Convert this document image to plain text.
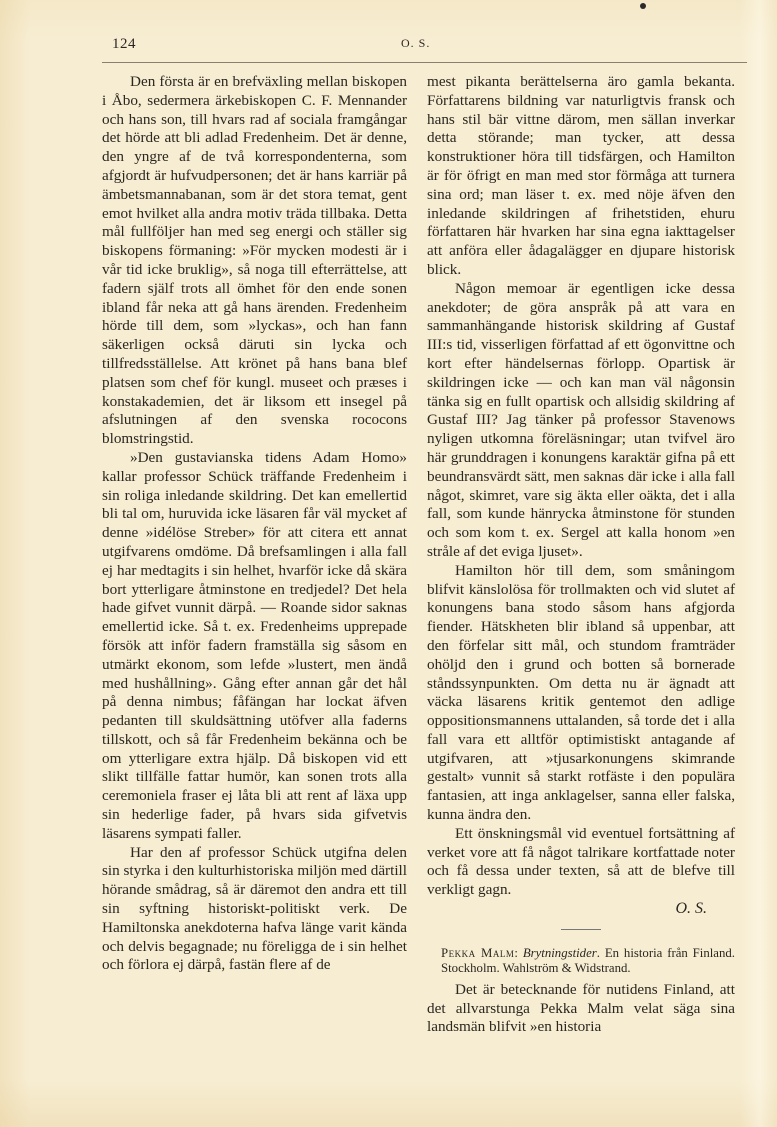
124	O. S.

Den första är en brefväxling mellan biskopen i Åbo, sedermera ärkebiskopen C. F. Mennander och hans son, till hvars rad af sociala framgångar det hörde att bli adlad Fredenheim. Det är denne, den yngre af de två korrespondenterna, som afgjordt är hufvudpersonen; det är hans karriär på ämbetsmannabanan, som är det stora temat, gent emot hvilket alla andra motiv träda tillbaka. Detta mål fullföljer han med seg energi och ställer sig biskopens förmaning: »För mycken modesti är i vår tid icke bruklig», så noga till efterrättelse, att fadern själf trots all ömhet för den ende sonen ibland får neka att gå hans ärenden. Fredenheim hörde till dem, som »lyckas», och han fann säkerligen också däruti sin lycka och tillfredsställelse. Att krönet på hans bana blef platsen som chef för kungl. museet och præses i konstakademien, det är liksom ett insegel på afslutningen af den svenska rococons blomstringstid.

»Den gustavianska tidens Adam Homo» kallar professor Schück träffande Fredenheim i sin roliga inledande skildring. Det kan emellertid bli tal om, huruvida icke läsaren får väl mycket af denne »idélöse Streber» för att citera ett annat utgifvarens omdöme. Då brefsamlingen i alla fall ej har medtagits i sin helhet, hvarför icke då skära bort ytterligare åtminstone en tredjedel? Det hela hade gifvet vunnit därpå. — Roande sidor saknas emellertid icke. Så t. ex. Fredenheims upprepade försök att inför fadern framställa sig såsom en utmärkt ekonom, som lefde »lustert, men ändå med hushållning». Gång efter annan går det hål på denna nimbus; fåfängan har lockat äfven pedanten till skuldsättning utöfver alla faderns tillskott, och så får Fredenheim bekänna och be om ytterligare extra hjälp. Då biskopen vid ett slikt tillfälle fattar humör, kan sonen trots alla ceremoniela fraser ej låta bli att rent af läxa upp sin hederlige fader, på hvars sida gifvetvis läsarens sympati faller.

Har den af professor Schück utgifna delen sin styrka i den kulturhistoriska miljön med därtill hörande smådrag, så är däremot den andra ett till sin syftning historiskt-politiskt verk. De Hamiltonska anekdoterna hafva länge varit kända och delvis begagnade; nu föreligga de i sin helhet och förlora ej därpå, fastän flere af de

mest pikanta berättelserna äro gamla bekanta. Författarens bildning var naturligtvis fransk och hans stil bär vittne därom, men sällan inverkar detta störande; man tycker, att dessa konstruktioner höra till tidsfärgen, och Hamilton är för öfrigt en man med stor förmåga att turnera sina ord; man läser t. ex. med nöje äfven den inledande skildringen af frihetstiden, ehuru författaren här hvarken har sina egna iakttagelser att anföra eller ådagalägger en djupare historisk blick.

Någon memoar är egentligen icke dessa anekdoter; de göra anspråk på att vara en sammanhängande historisk skildring af Gustaf III:s tid, visserligen författad af ett ögonvittne och kort efter händelsernas förlopp. Opartisk är skildringen icke — och kan man väl någonsin tänka sig en fullt opartisk och allsidig skildring af Gustaf III? Jag tänker på professor Stavenows nyligen utkomna föreläsningar; utan tvifvel äro här grunddragen i konungens karaktär gifna på ett beundransvärdt sätt, men saknas där icke i alla fall något, skimret, vare sig äkta eller oäkta, det i alla fall, som kunde hänrycka åtminstone för stunden och som kom t. ex. Sergel att kalla honom »en stråle af det eviga ljuset».

Hamilton hör till dem, som småningom blifvit känslolösa för trollmakten och vid slutet af konungens bana stodo såsom hans afgjorda fiender. Hätskheten blir ibland så uppenbar, att den förfelar sitt mål, och stundom framträder ohöljd den i grund och botten så bornerade ståndssynpunkten. Om detta nu är ägnadt att väcka läsarens kritik gentemot den adlige oppositionsmannens uttalanden, så torde det i alla fall vara ett alltför optimistiskt antagande af utgifvaren, att »tjusarkonungens skimrande gestalt» vunnit så starkt rotfäste i den populära fantasien, att inga anklagelser, sanna eller falska, kunna ändra den.

Ett önskningsmål vid eventuel fortsättning af verket vore att få något talrikare kortfattade noter och få dessa under texten, så att de blefve till verkligt gagn.

O. S.

Pekka Malm: Brytningstider. En historia från Finland. Stockholm. Wahlström & Widstrand.

Det är betecknande för nutidens Finland, att det allvarstunga Pekka Malm velat säga sina landsmän blifvit »en historia
